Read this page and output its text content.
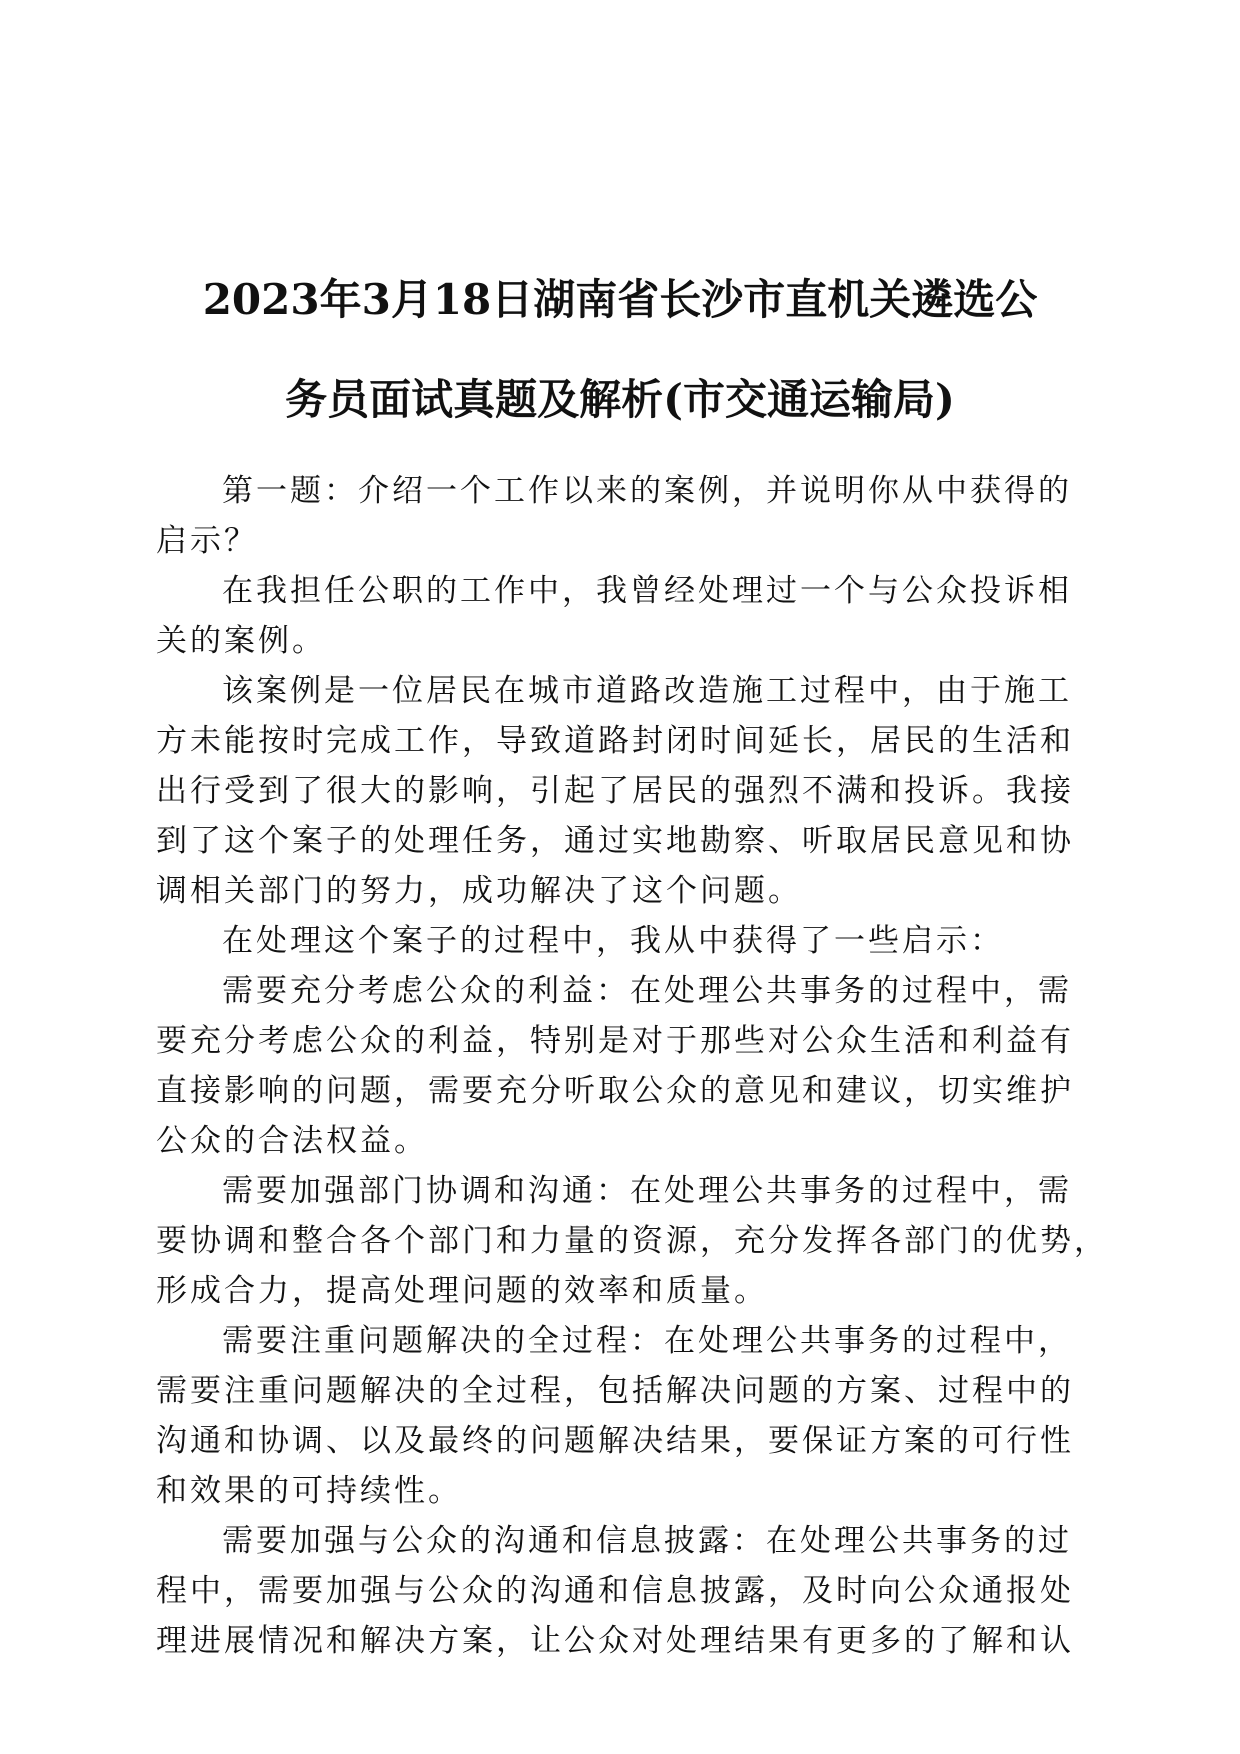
2023年3月18日湖南省长沙市直机关遴选公
务员面试真题及解析(市交通运输局)

第一题：介绍一个工作以来的案例，并说明你从中获得的
启示？

在我担任公职的工作中，我曾经处理过一个与公众投诉相
关的案例。

该案例是一位居民在城市道路改造施工过程中，由于施工
方未能按时完成工作，导致道路封闭时间延长，居民的生活和
出行受到了很大的影响，引起了居民的强烈不满和投诉。我接
到了这个案子的处理任务，通过实地勘察、听取居民意见和协
调相关部门的努力，成功解决了这个问题。

在处理这个案子的过程中，我从中获得了一些启示：

需要充分考虑公众的利益：在处理公共事务的过程中，需
要充分考虑公众的利益，特别是对于那些对公众生活和利益有
直接影响的问题，需要充分听取公众的意见和建议，切实维护
公众的合法权益。

需要加强部门协调和沟通：在处理公共事务的过程中，需
要协调和整合各个部门和力量的资源，充分发挥各部门的优势，
形成合力，提高处理问题的效率和质量。

需要注重问题解决的全过程：在处理公共事务的过程中，
需要注重问题解决的全过程，包括解决问题的方案、过程中的
沟通和协调、以及最终的问题解决结果，要保证方案的可行性
和效果的可持续性。

需要加强与公众的沟通和信息披露：在处理公共事务的过
程中，需要加强与公众的沟通和信息披露，及时向公众通报处
理进展情况和解决方案，让公众对处理结果有更多的了解和认
